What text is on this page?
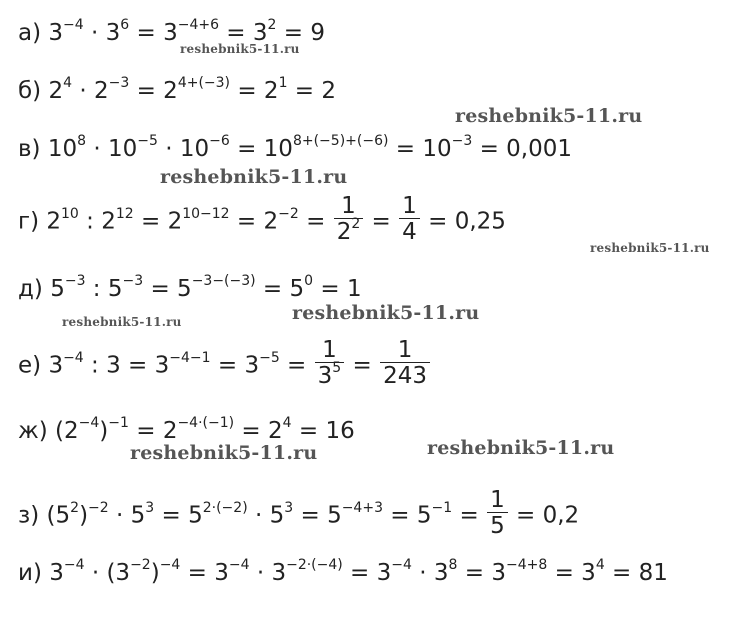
а) $3^{-4} \cdot 3^6 = 3^{-4+6} = 3^2 = 9$
б) $2^4 \cdot 2^{-3} = 2^{4+(-3)} = 2^1 = 2$
в) $10^8 \cdot 10^{-5} \cdot 10^{-6} = 10^{8+(-5)+(-6)} = 10^{-3} = 0,001$
г) $2^{10}$ : $2^{12} = 2^{10-12} = 2^{-2} = \frac{1}{2^2} = \frac{1}{4} = 0,25$
д) $5^{-3}$ : $5^{-3} = 5^{-3-(-3)} = 5^0 = 1$
е) $3^{-4}$ : $3 = 3^{-4-1} = 3^{-5} = \frac{1}{3^5} = \frac{1}{243}$
ж) $(2^{-4})^{-1} = 2^{-4\cdot(-1)} = 2^4 = 16$
з) $(5^2)^{-2} \cdot 5^3 = 5^{2\cdot(-2)} \cdot 5^3 = 5^{-4+3} = 5^{-1} = \frac{1}{5} = 0,2$
и) $3^{-4} \cdot (3^{-2})^{-4} = 3^{-4} \cdot 3^{-2\cdot(-4)} = 3^{-4} \cdot 3^8 = 3^{-4+8} = 3^4 = 81$
reshebnik5-11.ru
reshebnik5-11.ru
reshebnik5-11.ru
reshebnik5-11.ru
reshebnik5-11.ru
reshebnik5-11.ru
reshebnik5-11.ru
reshebnik5-11.ru
